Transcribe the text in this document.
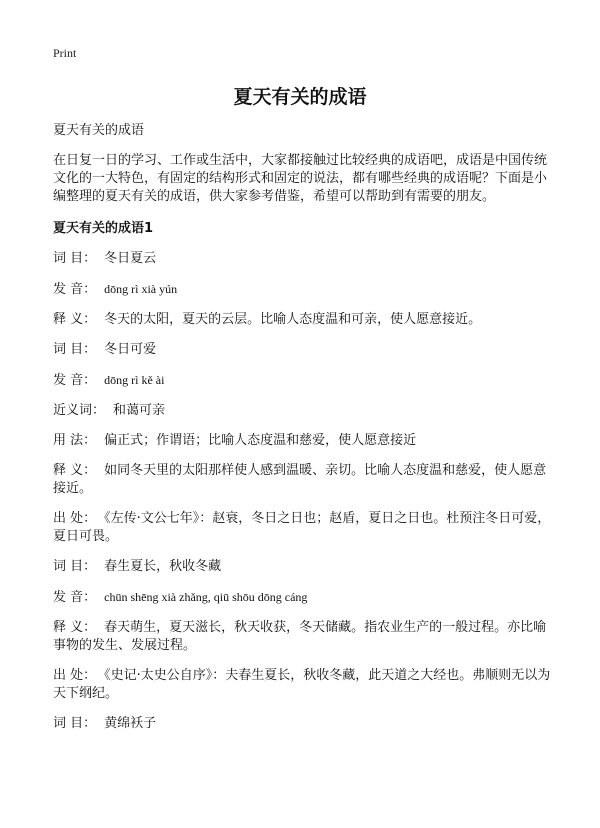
Print
夏天有关的成语

夏天有关的成语

在日复一日的学习、工作或生活中，大家都接触过比较经典的成语吧，成语是中国传统文化的一大特色，有固定的结构形式和固定的说法，都有哪些经典的成语呢？下面是小编整理的夏天有关的成语，供大家参考借鉴，希望可以帮助到有需要的朋友。

夏天有关的成语1

词 目： 冬日夏云

发 音： dōng rì xià yún

释 义： 冬天的太阳，夏天的云层。比喻人态度温和可亲，使人愿意接近。

词 目： 冬日可爱

发 音： dōng rì kě ài

近义词： 和蔼可亲

用 法： 偏正式；作谓语；比喻人态度温和慈爱，使人愿意接近

释 义： 如同冬天里的太阳那样使人感到温暖、亲切。比喻人态度温和慈爱，使人愿意接近。

出 处： 《左传·文公七年》：赵衰，冬日之日也；赵盾，夏日之日也。杜预注冬日可爱，夏日可畏。

词 目： 春生夏长，秋收冬藏

发 音： chūn shēng xià zhǎng, qiū shōu dōng cáng

释 义： 春天萌生，夏天滋长，秋天收获，冬天储藏。指农业生产的一般过程。亦比喻事物的发生、发展过程。

出 处： 《史记·太史公自序》：夫春生夏长，秋收冬藏，此天道之大经也。弗顺则无以为天下纲纪。

词 目： 黄绵袄子
